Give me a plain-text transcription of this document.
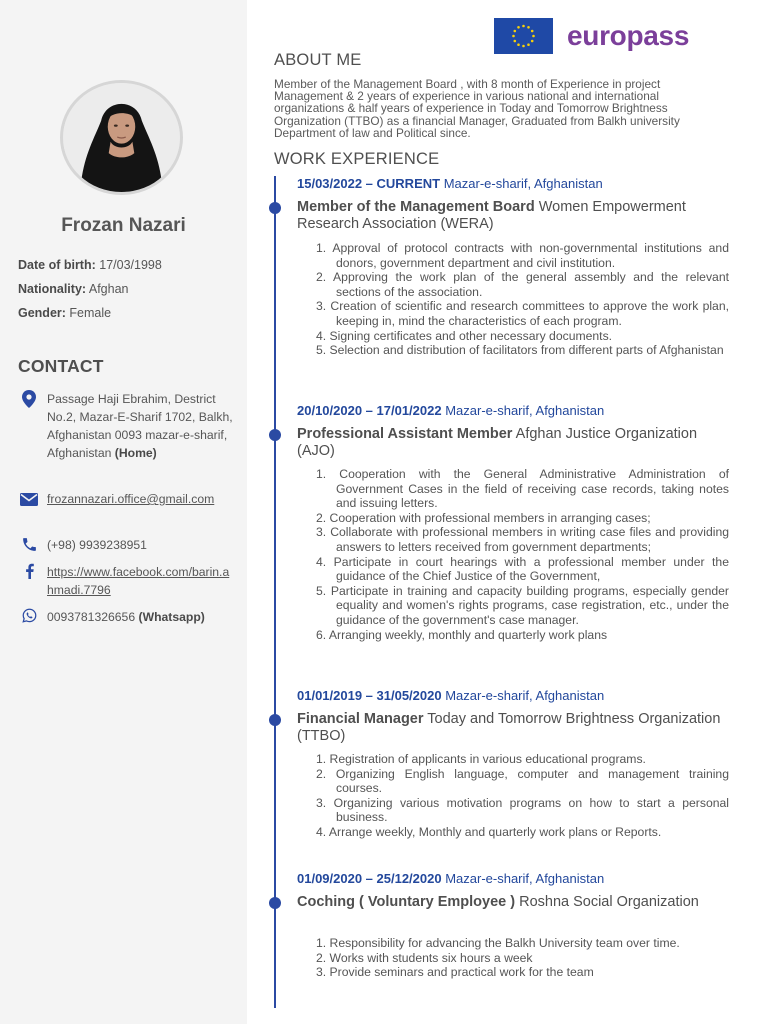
Frozan Nazari
Date of birth: 17/03/1998
Nationality: Afghan
Gender: Female
CONTACT
Passage Haji Ebrahim, Destrict No.2, Mazar-E-Sharif 1702, Balkh, Afghanistan 0093 mazar-e-sharif, Afghanistan (Home)
frozannazari.office@gmail.com
(+98) 9939238951
https://www.facebook.com/barin.ahmadi.7796
0093781326656 (Whatsapp)
europass
ABOUT ME
Member of the Management Board , with 8 month of Experience in project Management & 2 years of experience in various national and international organizations & half years of experience in Today and Tomorrow Brightness Organization (TTBO) as a financial Manager, Graduated from Balkh university Department of law and Political since.
WORK EXPERIENCE
15/03/2022 – CURRENT Mazar-e-sharif, Afghanistan
Member of the Management Board Women Empowerment Research Association (WERA)
1. Approval of protocol contracts with non-governmental institutions and donors, government department and civil institution.
2. Approving the work plan of the general assembly and the relevant sections of the association.
3. Creation of scientific and research committees to approve the work plan, keeping in, mind the characteristics of each program.
4. Signing certificates and other necessary documents.
5. Selection and distribution of facilitators from different parts of Afghanistan
20/10/2020 – 17/01/2022 Mazar-e-sharif, Afghanistan
Professional Assistant Member Afghan Justice Organization (AJO)
1. Cooperation with the General Administrative Administration of Government Cases in the field of receiving case records, taking notes and issuing letters.
2. Cooperation with professional members in arranging cases;
3. Collaborate with professional members in writing case files and providing answers to letters received from government departments;
4. Participate in court hearings with a professional member under the guidance of the Chief Justice of the Government,
5. Participate in training and capacity building programs, especially gender equality and women's rights programs, case registration, etc., under the guidance of the government's case manager.
6. Arranging weekly, monthly and quarterly work plans
01/01/2019 – 31/05/2020 Mazar-e-sharif, Afghanistan
Financial Manager Today and Tomorrow Brightness Organization (TTBO)
1. Registration of applicants in various educational programs.
2. Organizing English language, computer and management training courses.
3. Organizing various motivation programs on how to start a personal business.
4. Arrange weekly, Monthly and quarterly work plans or Reports.
01/09/2020 – 25/12/2020 Mazar-e-sharif, Afghanistan
Coching ( Voluntary Employee ) Roshna Social Organization
1. Responsibility for advancing the Balkh University team over time.
2. Works with students six hours a week
3. Provide seminars and practical work for the team
